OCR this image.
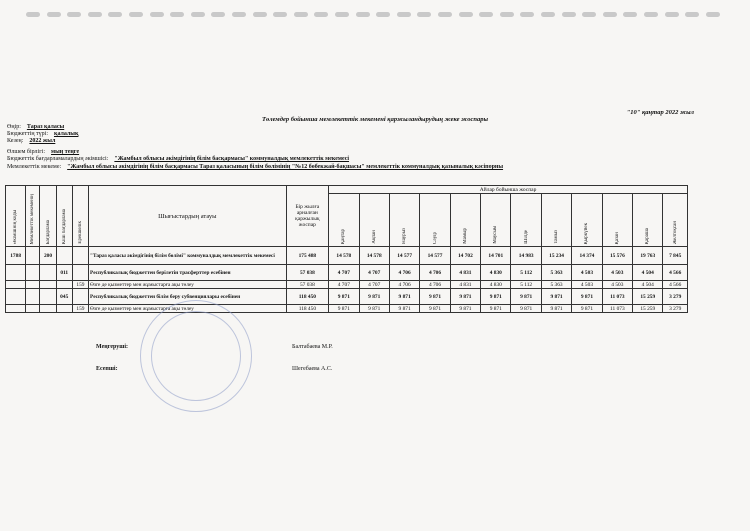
"10" қаңтар 2022 жыл
Төлемдер бойынша мемлекеттік мекемені қаржыландырудың жеке жоспары
Өңір: Тараз қаласы
Бюджеттің түрі: қалалық
Кезең: 2022 жыл
Өлшем бірлігі: мың теңге
Бюджеттік бағдарламалардың әкімшісі: "Жамбыл облысы әкімдігінің білім басқармасы" коммуналдық мемлекеттік мекемесі
Мемлекеттік мекеме: "Жамбыл облысы әкімдігінің білім басқармасы Тараз қаласының білім бөлімінің "№12 бөбекжай-бақшасы" мемлекеттік коммуналдық қазыналық кәсіпорны
Әкімшінің коды	Мемлекеттік мекеменің	Бағдарлама	Кіші бағдарлама	Ерекшелік	Шығыстардың атауы	Бір жылға арналған қаржылық жоспар	Айлар бойынша жоспар											
							Қаңтар	Ақпан	Наурыз	Сәуір	Мамыр	Маусым	Шілде	Тамыз	Қыркүйек	Қазан	Қараша	Желтоқсан
1788		200			"Тараз қаласы әкімдігінің білім бөлімі" коммуналдық мемлекеттік мекемесі	175 488	14 578	14 578	14 577	14 577	14 702	14 701	14 983	15 234	14 374	15 576	19 763	7 845
			011		Республикалық бюджеттен берілетін трасферттер есебінен	57 038	4 707	4 707	4 706	4 706	4 831	4 830	5 112	5 363	4 503	4 503	4 504	4 566
				159	Өзге де қызметтер мен жұмыстарға ақы төлеу	57 038	4 707	4 707	4 706	4 706	4 831	4 830	5 112	5 363	4 503	4 503	4 504	4 566
			045		Республикалық бюджеттен білім беру субвенциялары есебінен	118 450	9 871	9 871	9 871	9 871	9 871	9 871	9 871	9 871	9 871	11 073	15 259	3 279
				159	Өзге де қызметтер мен жұмыстарға ақы төлеу	118 450	9 871	9 871	9 871	9 871	9 871	9 871	9 871	9 871	9 871	11 073	15 259	3 279
Меңгеруші:	Балтабаева М.Р.
Есепші:	Шегебаева А.С.
